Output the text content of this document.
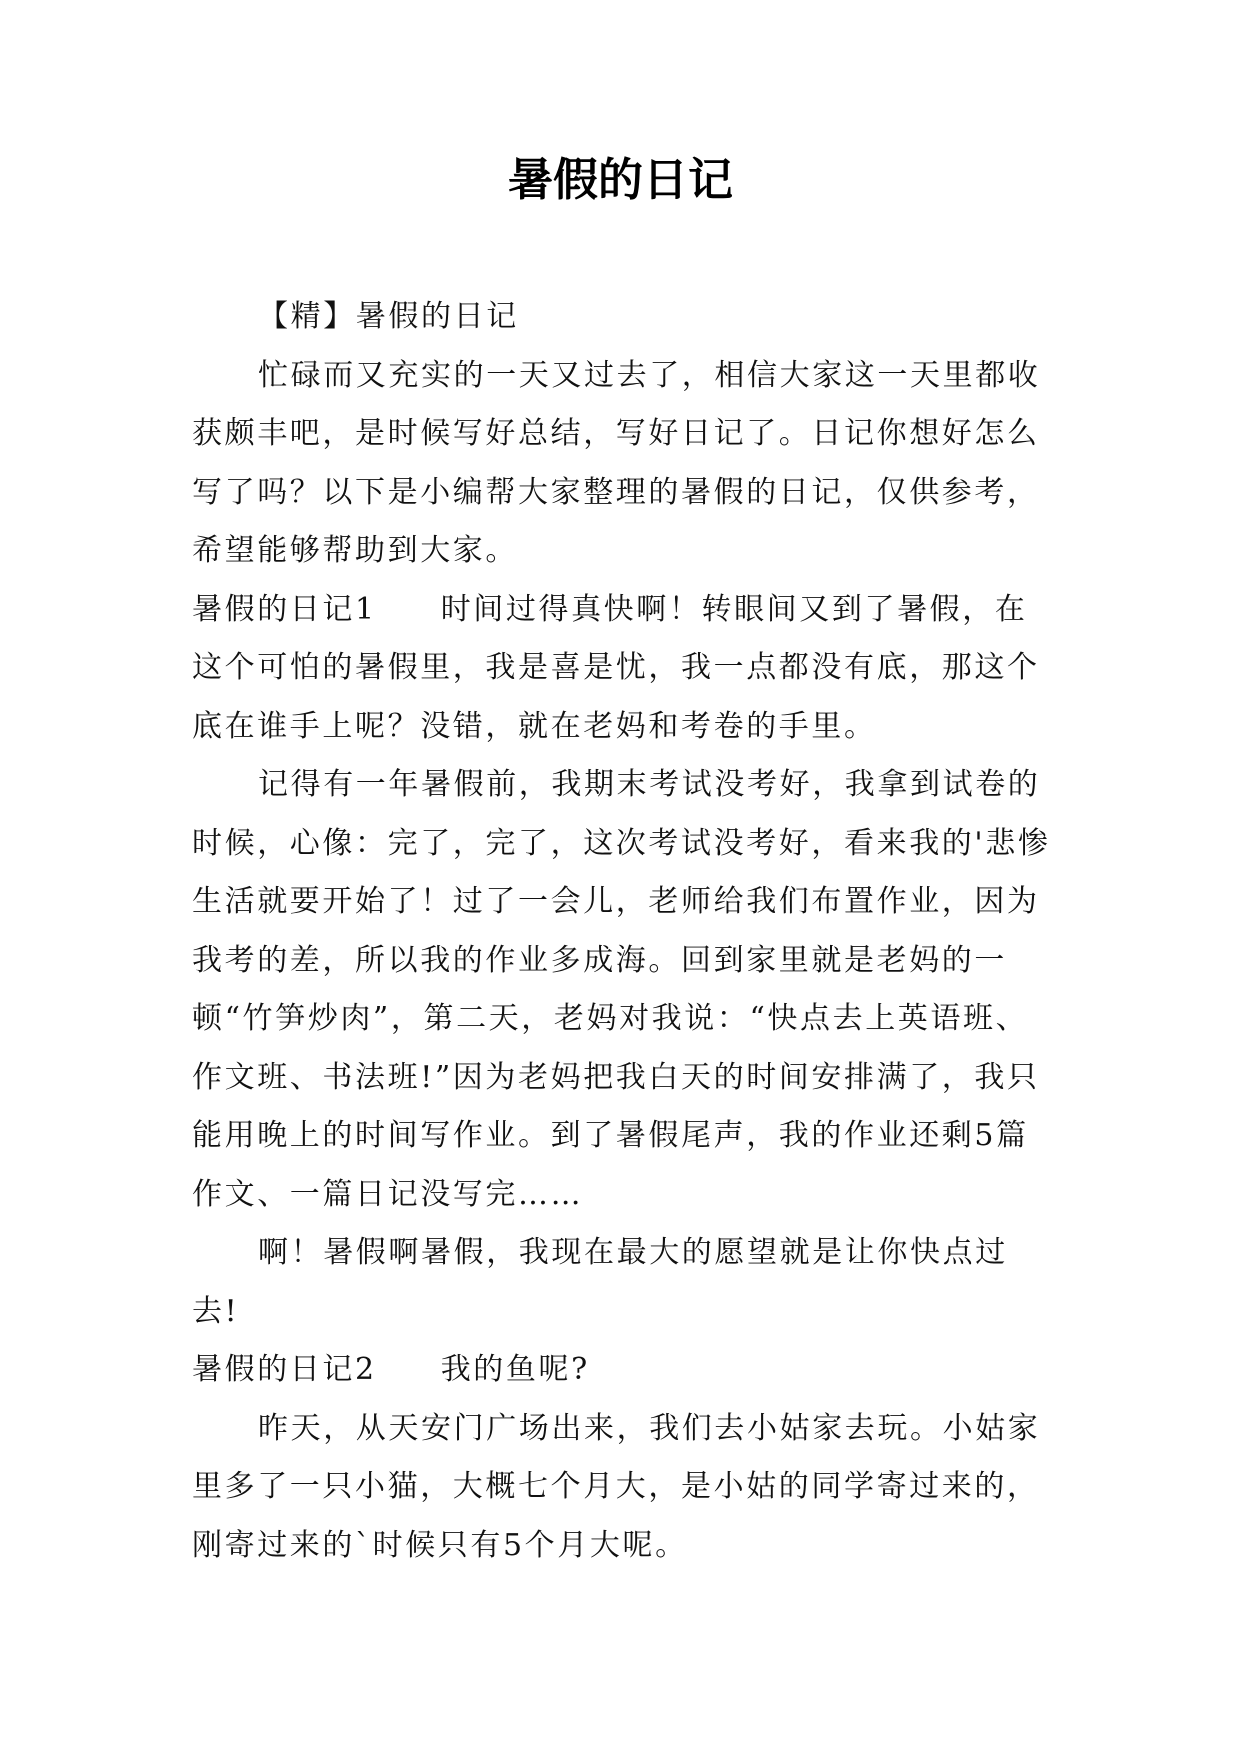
暑假的日记

【精】暑假的日记

忙碌而又充实的一天又过去了，相信大家这一天里都收获颇丰吧，是时候写好总结，写好日记了。日记你想好怎么写了吗？以下是小编帮大家整理的暑假的日记，仅供参考，希望能够帮助到大家。

暑假的日记1 时间过得真快啊！转眼间又到了暑假，在这个可怕的暑假里，我是喜是忧，我一点都没有底，那这个底在谁手上呢？没错，就在老妈和考卷的手里。

记得有一年暑假前，我期末考试没考好，我拿到试卷的时候，心像：完了，完了，这次考试没考好，看来我的'悲惨生活就要开始了！过了一会儿，老师给我们布置作业，因为我考的差，所以我的作业多成海。回到家里就是老妈的一顿“竹笋炒肉”，第二天，老妈对我说：“快点去上英语班、作文班、书法班!”因为老妈把我白天的时间安排满了，我只能用晚上的时间写作业。到了暑假尾声，我的作业还剩5篇作文、一篇日记没写完……

啊！暑假啊暑假，我现在最大的愿望就是让你快点过去!

暑假的日记2 我的鱼呢?

昨天，从天安门广场出来，我们去小姑家去玩。小姑家里多了一只小猫，大概七个月大，是小姑的同学寄过来的，刚寄过来的`时候只有5个月大呢。
